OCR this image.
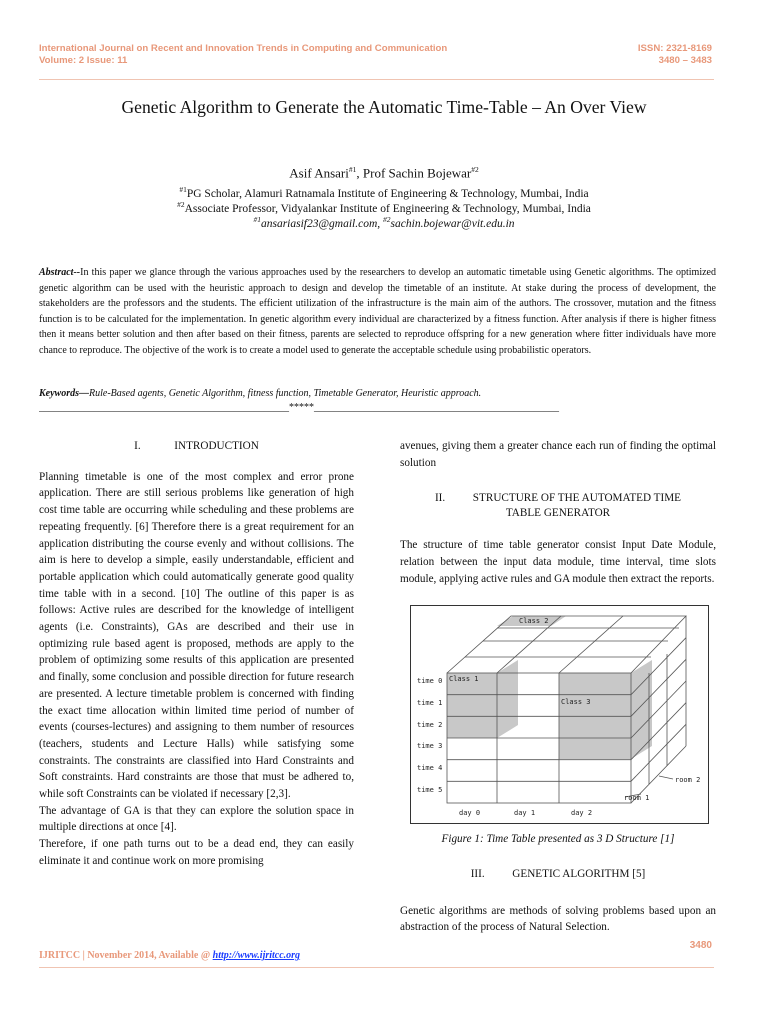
International Journal on Recent and Innovation Trends in Computing and Communication
Volume: 2 Issue: 11
ISSN: 2321-8169
3480 – 3483
Genetic Algorithm to Generate the Automatic Time-Table – An Over View
Asif Ansari$^{\#1}$, Prof Sachin Bojewar$^{\#2}$
$^{\#1}$PG Scholar, Alamuri Ratnamala Institute of Engineering & Technology, Mumbai, India
$^{\#2}$Associate Professor, Vidyalankar Institute of Engineering & Technology, Mumbai, India
$^{\#1}$ansariasif23@gmail.com, $^{\#2}$sachin.bojewar@vit.edu.in
Abstract--In this paper we glance through the various approaches used by the researchers to develop an automatic timetable using Genetic algorithms. The optimized genetic algorithm can be used with the heuristic approach to design and develop the timetable of an institute. At stake during the process of development, the stakeholders are the professors and the students. The efficient utilization of the infrastructure is the main aim of the authors. The crossover, mutation and the fitness function is to be calculated for the implementation. In genetic algorithm every individual are characterized by a fitness function. After analysis if there is higher fitness then it means better solution and then after based on their fitness, parents are selected to reproduce offspring for a new generation where fitter individuals have more chance to reproduce. The objective of the work is to create a model used to generate the acceptable schedule using probabilistic operators.
Keywords—Rule-Based agents, Genetic Algorithm, fitness function, Timetable Generator, Heuristic approach.
__________________________________________________*****_________________________________________________
I.	INTRODUCTION

Planning timetable is one of the most complex and error prone application. There are still serious problems like generation of high cost time table are occurring while scheduling and these problems are repeating frequently. [6] Therefore there is a great requirement for an application distributing the course evenly and without collisions. The aim is here to develop a simple, easily understandable, efficient and portable application which could automatically generate good quality time table with in a second. [10] The outline of this paper is as follows: Active rules are described for the knowledge of intelligent agents (i.e. Constraints), GAs are described and their use in optimizing rule based agent is proposed, methods are apply to the problem of optimizing some results of this application are presented and finally, some conclusion and possible direction for future research are presented. A lecture timetable problem is concerned with finding the exact time allocation within limited time period of number of events (courses-lectures) and assigning to them number of resources (teachers, students and Lecture Halls) while satisfying some constraints. The constraints are classified into Hard Constraints and Soft constraints. Hard constraints are those that must be adhered to, while soft Constraints can be violated if necessary [2,3].

The advantage of GA is that they can explore the solution space in multiple directions at once [4].

Therefore, if one path turns out to be a dead end, they can easily eliminate it and continue work on more promising

avenues, giving them a greater chance each run of finding the optimal solution

II. STRUCTURE OF THE AUTOMATED TIME
TABLE GENERATOR

The structure of time table generator consist Input Date Module, relation between the input data module, time interval, time slots module, applying active rules and GA module then extract the reports.

time 0
time 1
time 2
time 3
time 4
time 5
day 0	day 1	day 2
Class 1
Class 2
Class 3
room 2
room 1
Figure 1: Time Table presented as 3 D Structure [1]
III. GENETIC ALGORITHM [5]

Genetic algorithms are methods of solving problems based upon an abstraction of the process of Natural Selection.

3480
IJRITCC | November 2014, Available @ http://www.ijritcc.org
